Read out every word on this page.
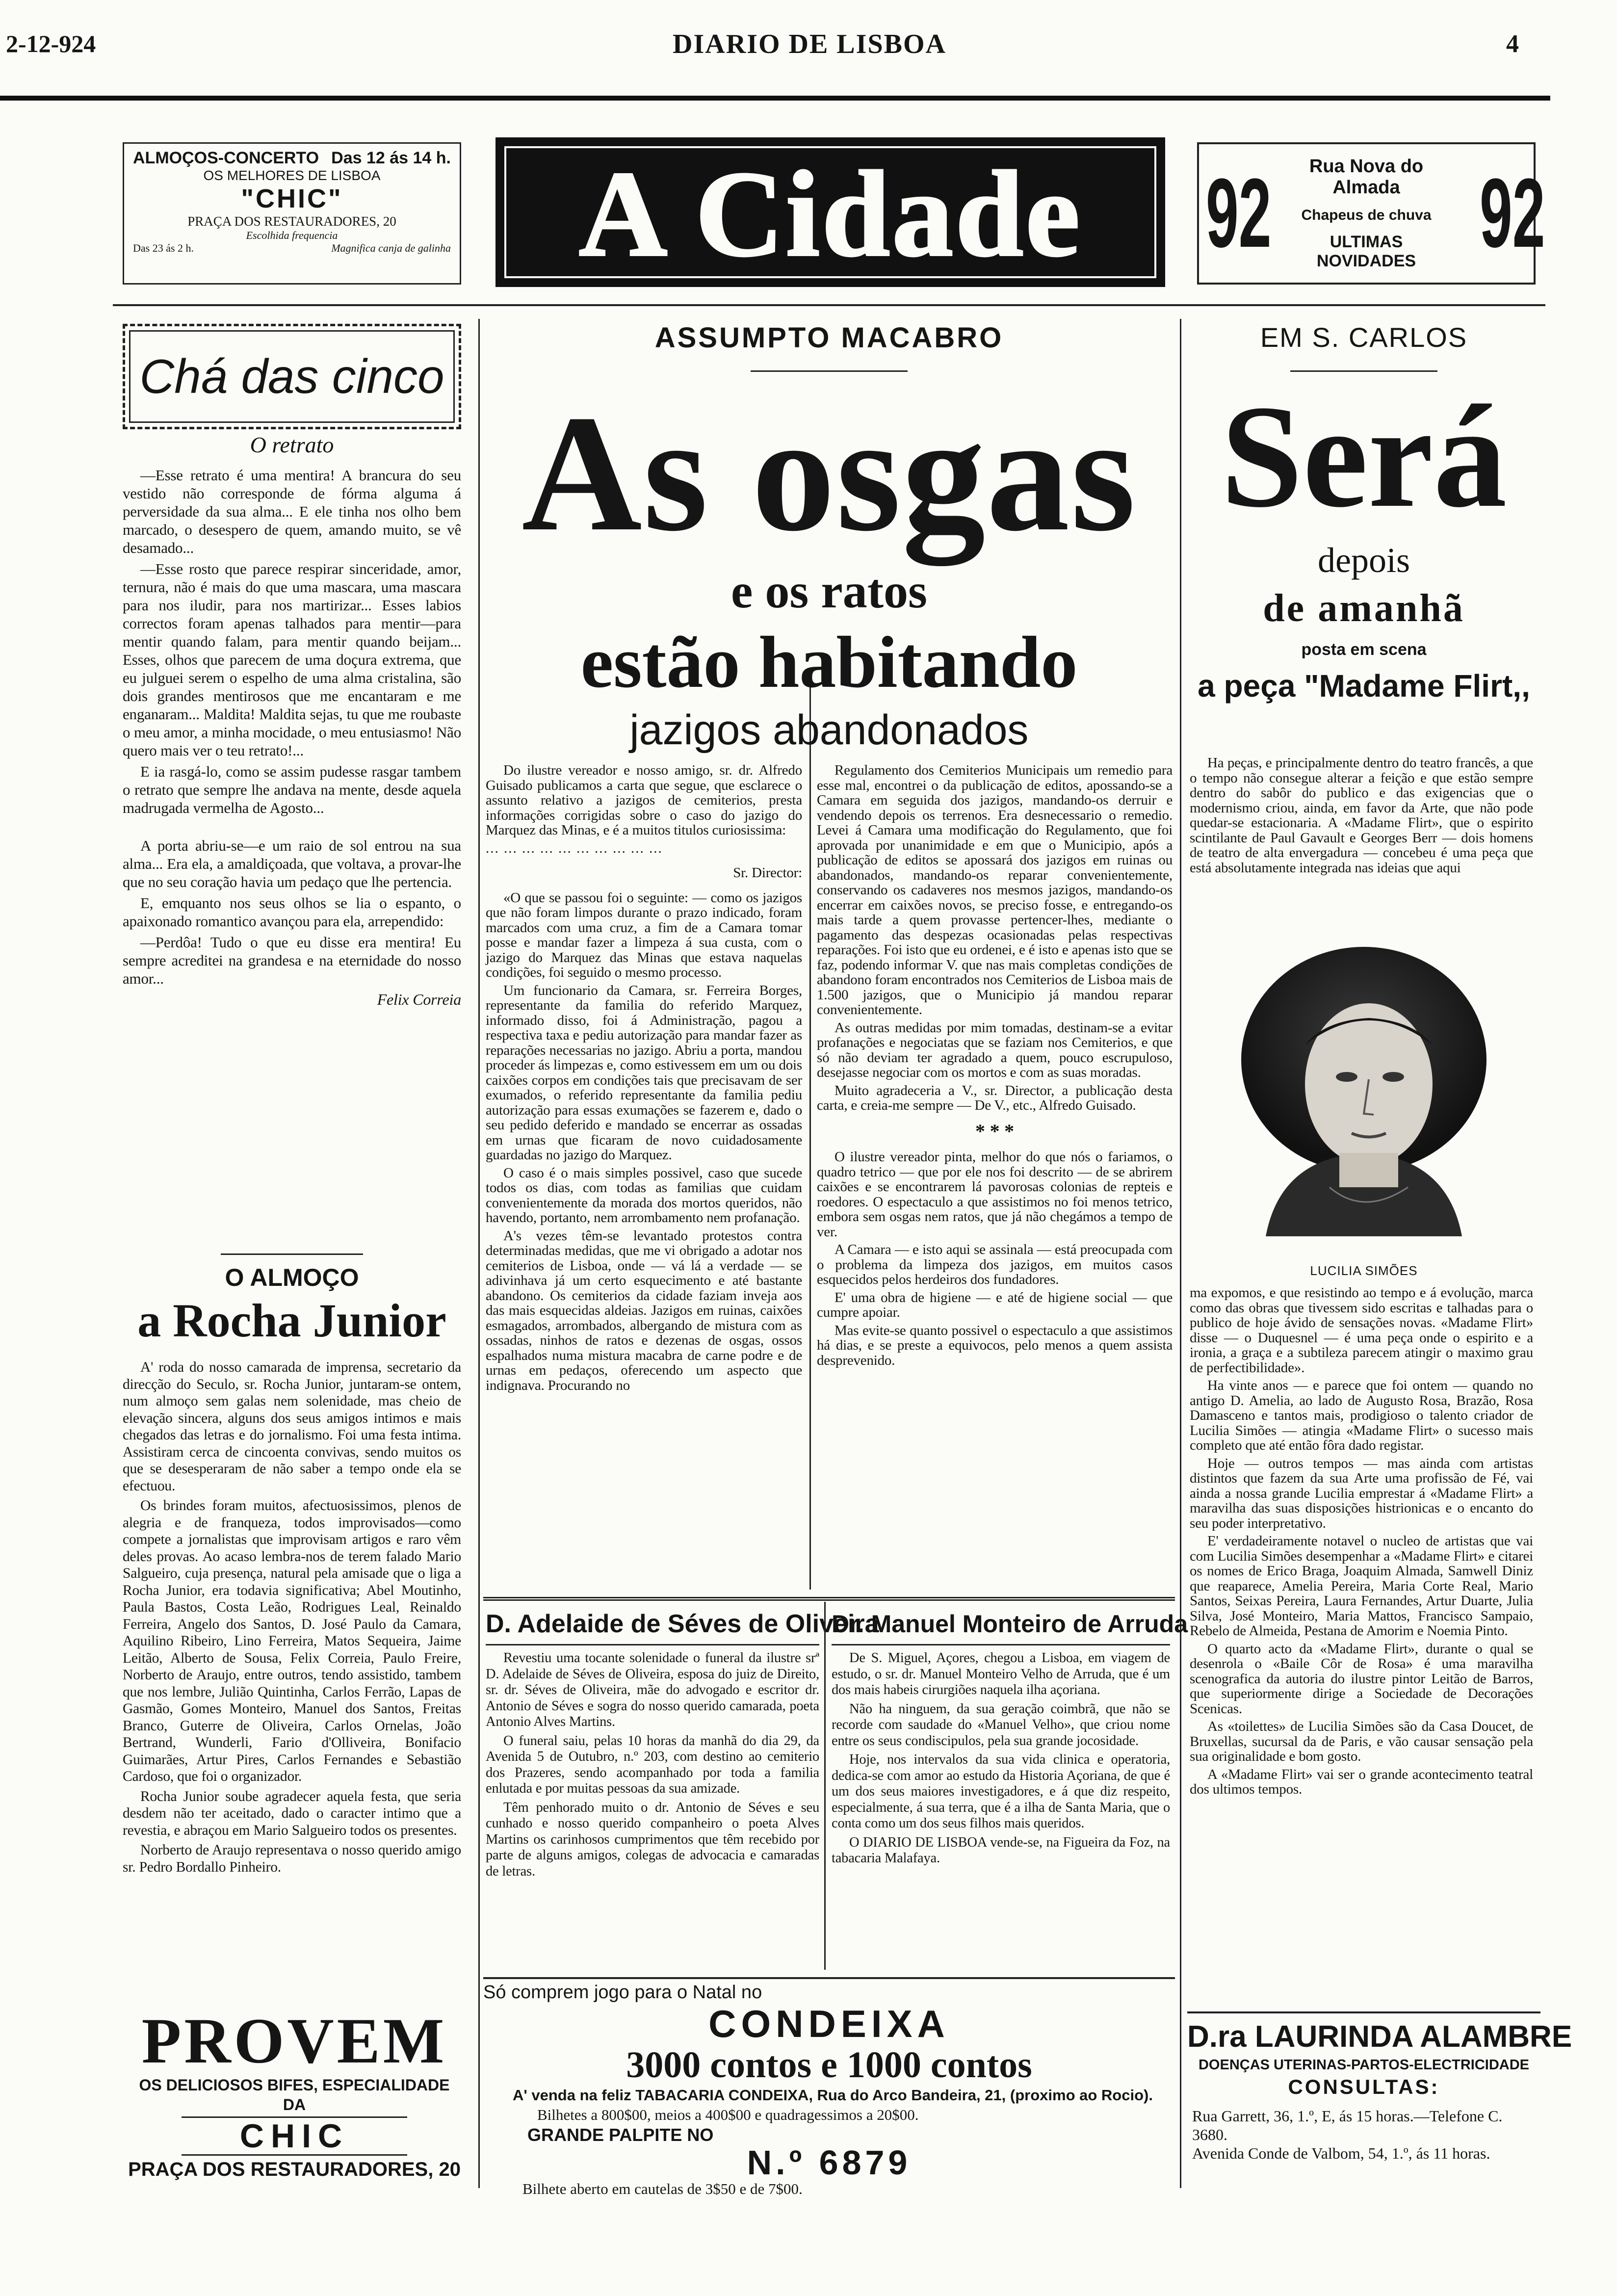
2-12-924	DIARIO DE LISBOA	4
ALMOÇOS-CONCERTO Das 12 ás 14 h.
OS MELHORES DE LISBOA
"CHIC"
PRAÇA DOS RESTAURADORES, 20
Escolhida frequencia
Das 23 ás 2 h.	Magnifica canja de galinha	A Cidade	92	Rua Nova do Almada
Chapeus de chuva
ULTIMAS NOVIDADES 92
Chá das cinco
O retrato

—Esse retrato é uma mentira! A brancura do seu vestido não corresponde de fórma alguma á perversidade da sua alma... E ele tinha nos olho bem marcado, o desespero de quem, amando muito, se vê desamado...

—Esse rosto que parece respirar sinceridade, amor, ternura, não é mais do que uma mascara, uma mascara para nos iludir, para nos martirizar... Esses labios correctos foram apenas talhados para mentir—para mentir quando falam, para mentir quando beijam... Esses, olhos que parecem de uma doçura extrema, que eu julguei serem o espelho de uma alma cristalina, são dois grandes mentirosos que me encantaram e me enganaram... Maldita! Maldita sejas, tu que me roubaste o meu amor, a minha mocidade, o meu entusiasmo! Não quero mais ver o teu retrato!...

E ia rasgá-lo, como se assim pudesse rasgar tambem o retrato que sempre lhe andava na mente, desde aquela madrugada vermelha de Agosto...

A porta abriu-se—e um raio de sol entrou na sua alma... Era ela, a amaldiçoada, que voltava, a provar-lhe que no seu coração havia um pedaço que lhe pertencia.

E, emquanto nos seus olhos se lia o espanto, o apaixonado romantico avançou para ela, arrependido:

—Perdôa! Tudo o que eu disse era mentira! Eu sempre acreditei na grandesa e na eternidade do nosso amor...

Felix Correia
O ALMOÇO
a Rocha Junior

A' roda do nosso camarada de imprensa, secretario da direcção do Seculo, sr. Rocha Junior, juntaram-se ontem, num almoço sem galas nem solenidade, mas cheio de elevação sincera, alguns dos seus amigos intimos e mais chegados das letras e do jornalismo. Foi uma festa intima. Assistiram cerca de cincoenta convivas, sendo muitos os que se desesperaram de não saber a tempo onde ela se efectuou.

Os brindes foram muitos, afectuosissimos, plenos de alegria e de franqueza, todos improvisados—como compete a jornalistas que improvisam artigos e raro vêm deles provas. Ao acaso lembra-nos de terem falado Mario Salgueiro, cuja presença, natural pela amisade que o liga a Rocha Junior, era todavia significativa; Abel Moutinho, Paula Bastos, Costa Leão, Rodrigues Leal, Reinaldo Ferreira, Angelo dos Santos, D. José Paulo da Camara, Aquilino Ribeiro, Lino Ferreira, Matos Sequeira, Jaime Leitão, Alberto de Sousa, Felix Correia, Paulo Freire, Norberto de Araujo, entre outros, tendo assistido, tambem que nos lembre, Julião Quintinha, Carlos Ferrão, Lapas de Gasmão, Gomes Monteiro, Manuel dos Santos, Freitas Branco, Guterre de Oliveira, Carlos Ornelas, João Bertrand, Wunderli, Fario d'Olliveira, Bonifacio Guimarães, Artur Pires, Carlos Fernandes e Sebastião Cardoso, que foi o organizador.

Rocha Junior soube agradecer aquela festa, que seria desdem não ter aceitado, dado o caracter intimo que a revestia, e abraçou em Mario Salgueiro todos os presentes.

Norberto de Araujo representava o nosso querido amigo sr. Pedro Bordallo Pinheiro.

PROVEM
OS DELICIOSOS BIFES, ESPECIALIDADE DA
CHIC
PRAÇA DOS RESTAURADORES, 20
ASSUMPTO MACABRO
As osgas
e os ratos
estão habitando
jazigos abandonados

Do ilustre vereador e nosso amigo, sr. dr. Alfredo Guisado publicamos a carta que segue, que esclarece o assunto relativo a jazigos de cemiterios, presta informações corrigidas sobre o caso do jazigo do Marquez das Minas, e é a muitos titulos curiosissima:

... ... ... ... ... ... ... ... ... ...

Sr. Director:

«O que se passou foi o seguinte: — como os jazigos que não foram limpos durante o prazo indicado, foram marcados com uma cruz, a fim de a Camara tomar posse e mandar fazer a limpeza á sua custa, com o jazigo do Marquez das Minas que estava naquelas condições, foi seguido o mesmo processo.

Um funcionario da Camara, sr. Ferreira Borges, representante da familia do referido Marquez, informado disso, foi á Administração, pagou a respectiva taxa e pediu autorização para mandar fazer as reparações necessarias no jazigo. Abriu a porta, mandou proceder ás limpezas e, como estivessem em um ou dois caixões corpos em condições tais que precisavam de ser exumados, o referido representante da familia pediu autorização para essas exumações se fazerem e, dado o seu pedido deferido e mandado se encerrar as ossadas em urnas que ficaram de novo cuidadosamente guardadas no jazigo do Marquez.

O caso é o mais simples possivel, caso que sucede todos os dias, com todas as familias que cuidam convenientemente da morada dos mortos queridos, não havendo, portanto, nem arrombamento nem profanação.

A's vezes têm-se levantado protestos contra determinadas medidas, que me vi obrigado a adotar nos cemiterios de Lisboa, onde — vá lá a verdade — se adivinhava já um certo esquecimento e até bastante abandono. Os cemiterios da cidade faziam inveja aos das mais esquecidas aldeias. Jazigos em ruinas, caixões esmagados, arrombados, albergando de mistura com as ossadas, ninhos de ratos e dezenas de osgas, ossos espalhados numa mistura macabra de carne podre e de urnas em pedaços, oferecendo um aspecto que indignava. Procurando no

Regulamento dos Cemiterios Municipais um remedio para esse mal, encontrei o da publicação de editos, apossando-se a Camara em seguida dos jazigos, mandando-os derruir e vendendo depois os terrenos. Era desnecessario o remedio. Levei á Camara uma modificação do Regulamento, que foi aprovada por unanimidade e em que o Municipio, após a publicação de editos se apossará dos jazigos em ruinas ou abandonados, mandando-os reparar convenientemente, conservando os cadaveres nos mesmos jazigos, mandando-os encerrar em caixões novos, se preciso fosse, e entregando-os mais tarde a quem provasse pertencer-lhes, mediante o pagamento das despezas ocasionadas pelas respectivas reparações. Foi isto que eu ordenei, e é isto e apenas isto que se faz, podendo informar V. que nas mais completas condições de abandono foram encontrados nos Cemiterios de Lisboa mais de 1.500 jazigos, que o Municipio já mandou reparar convenientemente.

As outras medidas por mim tomadas, destinam-se a evitar profanações e negociatas que se faziam nos Cemiterios, e que só não deviam ter agradado a quem, pouco escrupuloso, desejasse negociar com os mortos e com as suas moradas.

Muito agradeceria a V., sr. Director, a publicação desta carta, e creia-me sempre — De V., etc., Alfredo Guisado.

* * *

O ilustre vereador pinta, melhor do que nós o fariamos, o quadro tetrico — que por ele nos foi descrito — de se abrirem caixões e se encontrarem lá pavorosas colonias de repteis e roedores. O espectaculo a que assistimos no foi menos tetrico, embora sem osgas nem ratos, que já não chegámos a tempo de ver.

A Camara — e isto aqui se assinala — está preocupada com o problema da limpeza dos jazigos, em muitos casos esquecidos pelos herdeiros dos fundadores.

E' uma obra de higiene — e até de higiene social — que cumpre apoiar.

Mas evite-se quanto possivel o espectaculo a que assistimos há dias, e se preste a equivocos, pelo menos a quem assista desprevenido.

D. Adelaide de Séves de Oliveira

Revestiu uma tocante solenidade o funeral da ilustre srª D. Adelaide de Séves de Oliveira, esposa do juiz de Direito, sr. dr. Séves de Oliveira, mãe do advogado e escritor dr. Antonio de Séves e sogra do nosso querido camarada, poeta Antonio Alves Martins.

O funeral saiu, pelas 10 horas da manhã do dia 29, da Avenida 5 de Outubro, n.º 203, com destino ao cemiterio dos Prazeres, sendo acompanhado por toda a familia enlutada e por muitas pessoas da sua amizade.

Têm penhorado muito o dr. Antonio de Séves e seu cunhado e nosso querido companheiro o poeta Alves Martins os carinhosos cumprimentos que têm recebido por parte de alguns amigos, colegas de advocacia e camaradas de letras.

Dr. Manuel Monteiro de Arruda

De S. Miguel, Açores, chegou a Lisboa, em viagem de estudo, o sr. dr. Manuel Monteiro Velho de Arruda, que é um dos mais habeis cirurgiões naquela ilha açoriana.

Não ha ninguem, da sua geração coimbrã, que não se recorde com saudade do «Manuel Velho», que criou nome entre os seus condiscipulos, pela sua grande jocosidade.

Hoje, nos intervalos da sua vida clinica e operatoria, dedica-se com amor ao estudo da Historia Açoriana, de que é um dos seus maiores investigadores, e á que diz respeito, especialmente, á sua terra, que é a ilha de Santa Maria, que o conta como um dos seus filhos mais queridos.

O DIARIO DE LISBOA vende-se, na Figueira da Foz, na tabacaria Malafaya.

Só comprem jogo para o Natal no
CONDEIXA
3000 contos e 1000 contos
A' venda na feliz TABACARIA CONDEIXA, Rua do Arco Bandeira, 21, (proximo ao Rocio).
Bilhetes a 800$00, meios a 400$00 e quadragessimos a 20$00.
GRANDE PALPITE NO
N.º 6879
Bilhete aberto em cautelas de 3$50 e de 7$00.
EM S. CARLOS
Será
depois
de amanhã
posta em scena
a peça "Madame Flirt,,
Ha peças, e principalmente dentro do teatro francês, a que o tempo não consegue alterar a feição e que estão sempre dentro do sabôr do publico e das exigencias que o modernismo criou, ainda, em favor da Arte, que não pode quedar-se estacionaria. A «Madame Flirt», que o espirito scintilante de Paul Gavault e Georges Berr — dois homens de teatro de alta envergadura — concebeu é uma peça que está absolutamente integrada nas ideias que aqui
LUCILIA SIMÕES

ma expomos, e que resistindo ao tempo e á evolução, marca como das obras que tivessem sido escritas e talhadas para o publico de hoje ávido de sensações novas. «Madame Flirt» disse — o Duquesnel — é uma peça onde o espirito e a ironia, a graça e a subtileza parecem atingir o maximo grau de perfectibilidade».

Ha vinte anos — e parece que foi ontem — quando no antigo D. Amelia, ao lado de Augusto Rosa, Brazão, Rosa Damasceno e tantos mais, prodigioso o talento criador de Lucilia Simões — atingia «Madame Flirt» o sucesso mais completo que até então fôra dado registar.

Hoje — outros tempos — mas ainda com artistas distintos que fazem da sua Arte uma profissão de Fé, vai ainda a nossa grande Lucilia emprestar á «Madame Flirt» a maravilha das suas disposições histrionicas e o encanto do seu poder interpretativo.

E' verdadeiramente notavel o nucleo de artistas que vai com Lucilia Simões desempenhar a «Madame Flirt» e citarei os nomes de Erico Braga, Joaquim Almada, Samwell Diniz que reaparece, Amelia Pereira, Maria Corte Real, Mario Santos, Seixas Pereira, Laura Fernandes, Artur Duarte, Julia Silva, José Monteiro, Maria Mattos, Francisco Sampaio, Rebelo de Almeida, Pestana de Amorim e Noemia Pinto.

O quarto acto da «Madame Flirt», durante o qual se desenrola o «Baile Côr de Rosa» é uma maravilha scenografica da autoria do ilustre pintor Leitão de Barros, que superiormente dirige a Sociedade de Decorações Scenicas.

As «toilettes» de Lucilia Simões são da Casa Doucet, de Bruxellas, sucursal da de Paris, e vão causar sensação pela sua originalidade e bom gosto.

A «Madame Flirt» vai ser o grande acontecimento teatral dos ultimos tempos.

D.ra LAURINDA ALAMBRE
DOENÇAS UTERINAS-PARTOS-ELECTRICIDADE
CONSULTAS:
Rua Garrett, 36, 1.º, E, ás 15 horas.—Telefone C. 3680.
Avenida Conde de Valbom, 54, 1.º, ás 11 horas.
